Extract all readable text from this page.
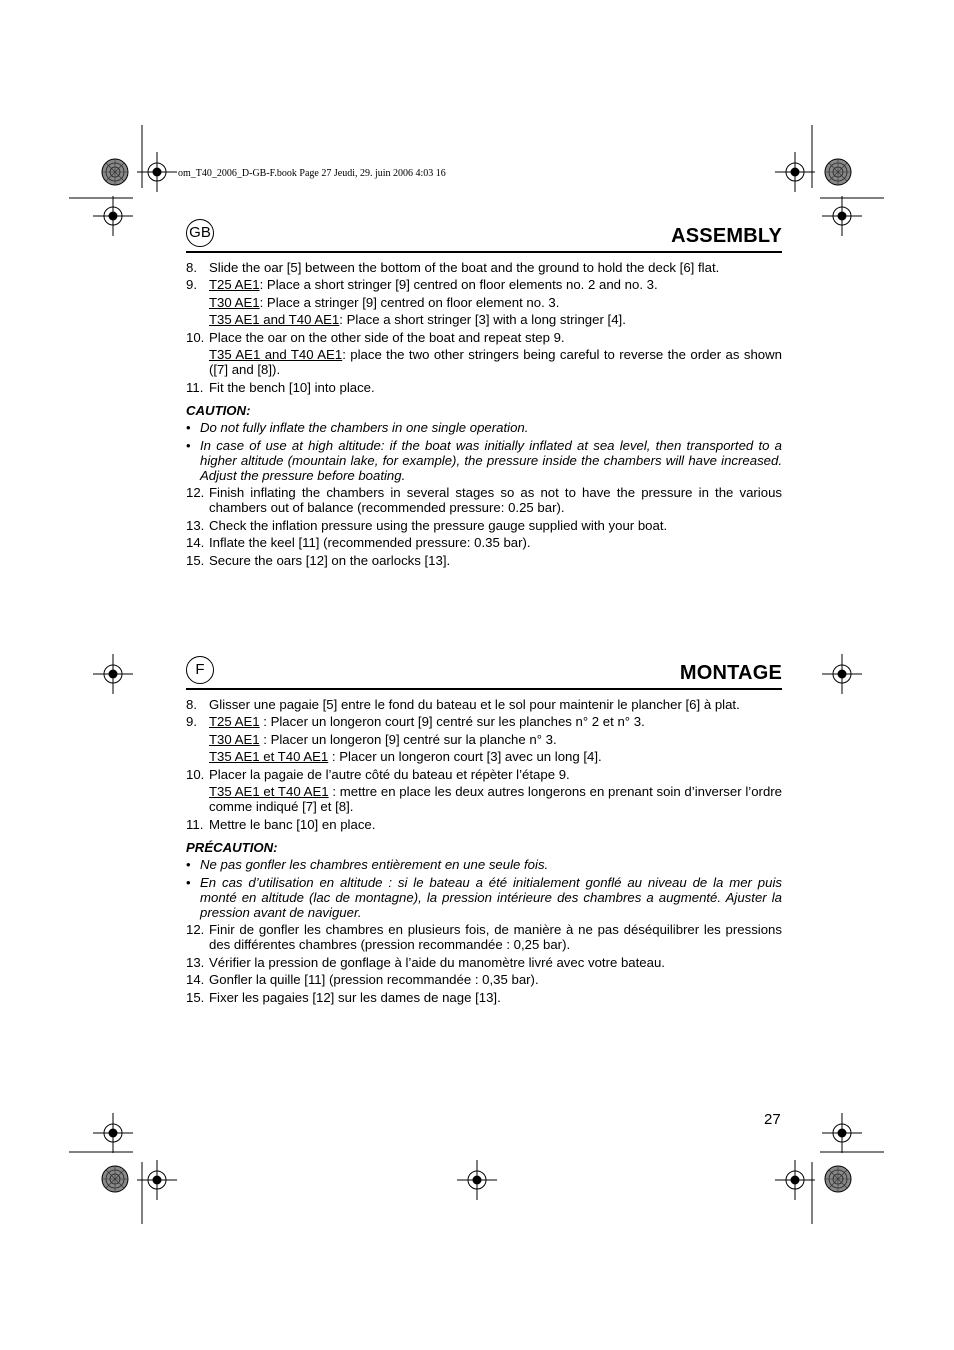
om_T40_2006_D-GB-F.book Page 27 Jeudi, 29. juin 2006 4:03 16
GB	ASSEMBLY
8. Slide the oar [5] between the bottom of the boat and the ground to hold the deck [6] flat.
9. T25 AE1: Place a short stringer [9] centred on floor elements no. 2 and no. 3.
T30 AE1: Place a stringer [9] centred on floor element no. 3.
T35 AE1 and T40 AE1: Place a short stringer [3] with a long stringer [4].
10. Place the oar on the other side of the boat and repeat step 9.
T35 AE1 and T40 AE1: place the two other stringers being careful to reverse the order as shown ([7] and [8]).
11. Fit the bench [10] into place.
CAUTION:
• Do not fully inflate the chambers in one single operation.
• In case of use at high altitude: if the boat was initially inflated at sea level, then transported to a higher altitude (mountain lake, for example), the pressure inside the chambers will have increased. Adjust the pressure before boating.
12. Finish inflating the chambers in several stages so as not to have the pressure in the various chambers out of balance (recommended pressure: 0.25 bar).
13. Check the inflation pressure using the pressure gauge supplied with your boat.
14. Inflate the keel [11] (recommended pressure: 0.35 bar).
15. Secure the oars [12] on the oarlocks [13].
F	MONTAGE
8. Glisser une pagaie [5] entre le fond du bateau et le sol pour maintenir le plancher [6] à plat.
9. T25 AE1 : Placer un longeron court [9] centré sur les planches n° 2 et n° 3.
T30 AE1 : Placer un longeron [9] centré sur la planche n° 3.
T35 AE1 et T40 AE1 : Placer un longeron court [3] avec un long [4].
10. Placer la pagaie de l’autre côté du bateau et répèter l’étape 9.
T35 AE1 et T40 AE1 : mettre en place les deux autres longerons en prenant soin d’inverser l’ordre comme indiqué [7] et [8].
11. Mettre le banc [10] en place.
PRÉCAUTION:
• Ne pas gonfler les chambres entièrement en une seule fois.
• En cas d’utilisation en altitude : si le bateau a été initialement gonflé au niveau de la mer puis monté en altitude (lac de montagne), la pression intérieure des chambres a augmenté. Ajuster la pression avant de naviguer.
12. Finir de gonfler les chambres en plusieurs fois, de manière à ne pas déséquilibrer les pressions des différentes chambres (pression recommandée : 0,25 bar).
13. Vérifier la pression de gonflage à l’aide du manomètre livré avec votre bateau.
14. Gonfler la quille [11] (pression recommandée : 0,35 bar).
15. Fixer les pagaies [12] sur les dames de nage [13].
27
